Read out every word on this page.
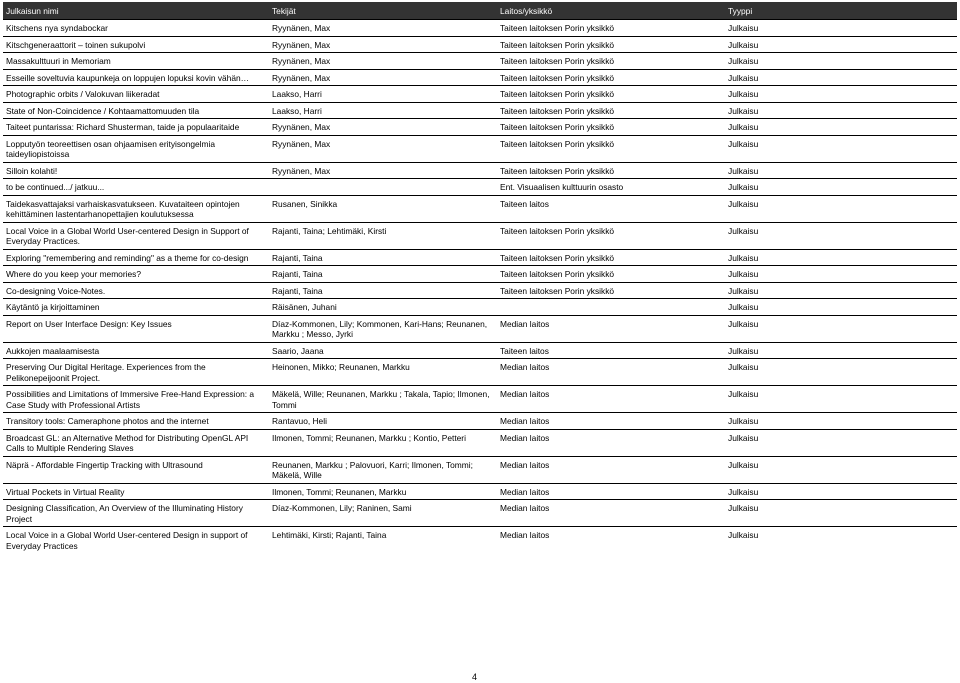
Julkaisun nimi	Tekijät	Laitos/yksikkö	Tyyppi
Kitschens nya syndabockar	Ryynänen, Max	Taiteen laitoksen Porin yksikkö	Julkaisu
Kitschgeneraattorit – toinen sukupolvi	Ryynänen, Max	Taiteen laitoksen Porin yksikkö	Julkaisu
Massakulttuuri in Memoriam	Ryynänen, Max	Taiteen laitoksen Porin yksikkö	Julkaisu
Esseille soveltuvia kaupunkeja on loppujen lopuksi kovin vähän…	Ryynänen, Max	Taiteen laitoksen Porin yksikkö	Julkaisu
Photographic orbits / Valokuvan liikeradat	Laakso, Harri	Taiteen laitoksen Porin yksikkö	Julkaisu
State of Non-Coincidence / Kohtaamattomuuden tila	Laakso, Harri	Taiteen laitoksen Porin yksikkö	Julkaisu
Taiteet puntarissa: Richard Shusterman, taide ja populaaritaide	Ryynänen, Max	Taiteen laitoksen Porin yksikkö	Julkaisu
Lopputyön teoreettisen osan ohjaamisen erityisongelmia taideyliopistoissa	Ryynänen, Max	Taiteen laitoksen Porin yksikkö	Julkaisu
Silloin kolahti!	Ryynänen, Max	Taiteen laitoksen Porin yksikkö	Julkaisu
to be continued.../ jatkuu...		Ent. Visuaalisen kulttuurin osasto	Julkaisu
Taidekasvattajaksi varhaiskasvatukseen. Kuvataiteen opintojen kehittäminen lastentarhanopettajien koulutuksessa	Rusanen, Sinikka	Taiteen laitos	Julkaisu
Local Voice in a Global World User-centered Design in Support of Everyday Practices.	Rajanti, Taina; Lehtimäki, Kirsti	Taiteen laitoksen Porin yksikkö	Julkaisu
Exploring "remembering and reminding" as a theme for co-design	Rajanti, Taina	Taiteen laitoksen Porin yksikkö	Julkaisu
Where do you keep your memories?	Rajanti, Taina	Taiteen laitoksen Porin yksikkö	Julkaisu
Co-designing Voice-Notes.	Rajanti, Taina	Taiteen laitoksen Porin yksikkö	Julkaisu
Käytäntö ja kirjoittaminen	Räisänen, Juhani		Julkaisu
Report on User Interface Design: Key Issues	Díaz-Kommonen, Lily; Kommonen, Kari-Hans; Reunanen, Markku ; Messo, Jyrki	Median laitos	Julkaisu
Aukkojen maalaamisesta	Saario, Jaana	Taiteen laitos	Julkaisu
Preserving Our Digital Heritage. Experiences from the Pelikonepeijoonit Project.	Heinonen, Mikko; Reunanen, Markku	Median laitos	Julkaisu
Possibilities and Limitations of Immersive Free-Hand Expression: a Case Study with Professional Artists	Mäkelä, Wille; Reunanen, Markku ; Takala, Tapio; Ilmonen, Tommi	Median laitos	Julkaisu
Transitory tools: Cameraphone photos and the internet	Rantavuo, Heli	Median laitos	Julkaisu
Broadcast GL: an Alternative Method for Distributing OpenGL API Calls to Multiple Rendering Slaves	Ilmonen, Tommi; Reunanen, Markku ; Kontio, Petteri	Median laitos	Julkaisu
Näprä - Affordable Fingertip Tracking with Ultrasound	Reunanen, Markku ; Palovuori, Karri; Ilmonen, Tommi; Mäkelä, Wille	Median laitos	Julkaisu
Virtual Pockets in Virtual Reality	Ilmonen, Tommi; Reunanen, Markku	Median laitos	Julkaisu
Designing Classification, An Overview of the Illuminating History Project	Díaz-Kommonen, Lily; Raninen, Sami	Median laitos	Julkaisu
Local Voice in a Global World User-centered Design in support of Everyday Practices	Lehtimäki, Kirsti; Rajanti, Taina	Median laitos	Julkaisu
4
